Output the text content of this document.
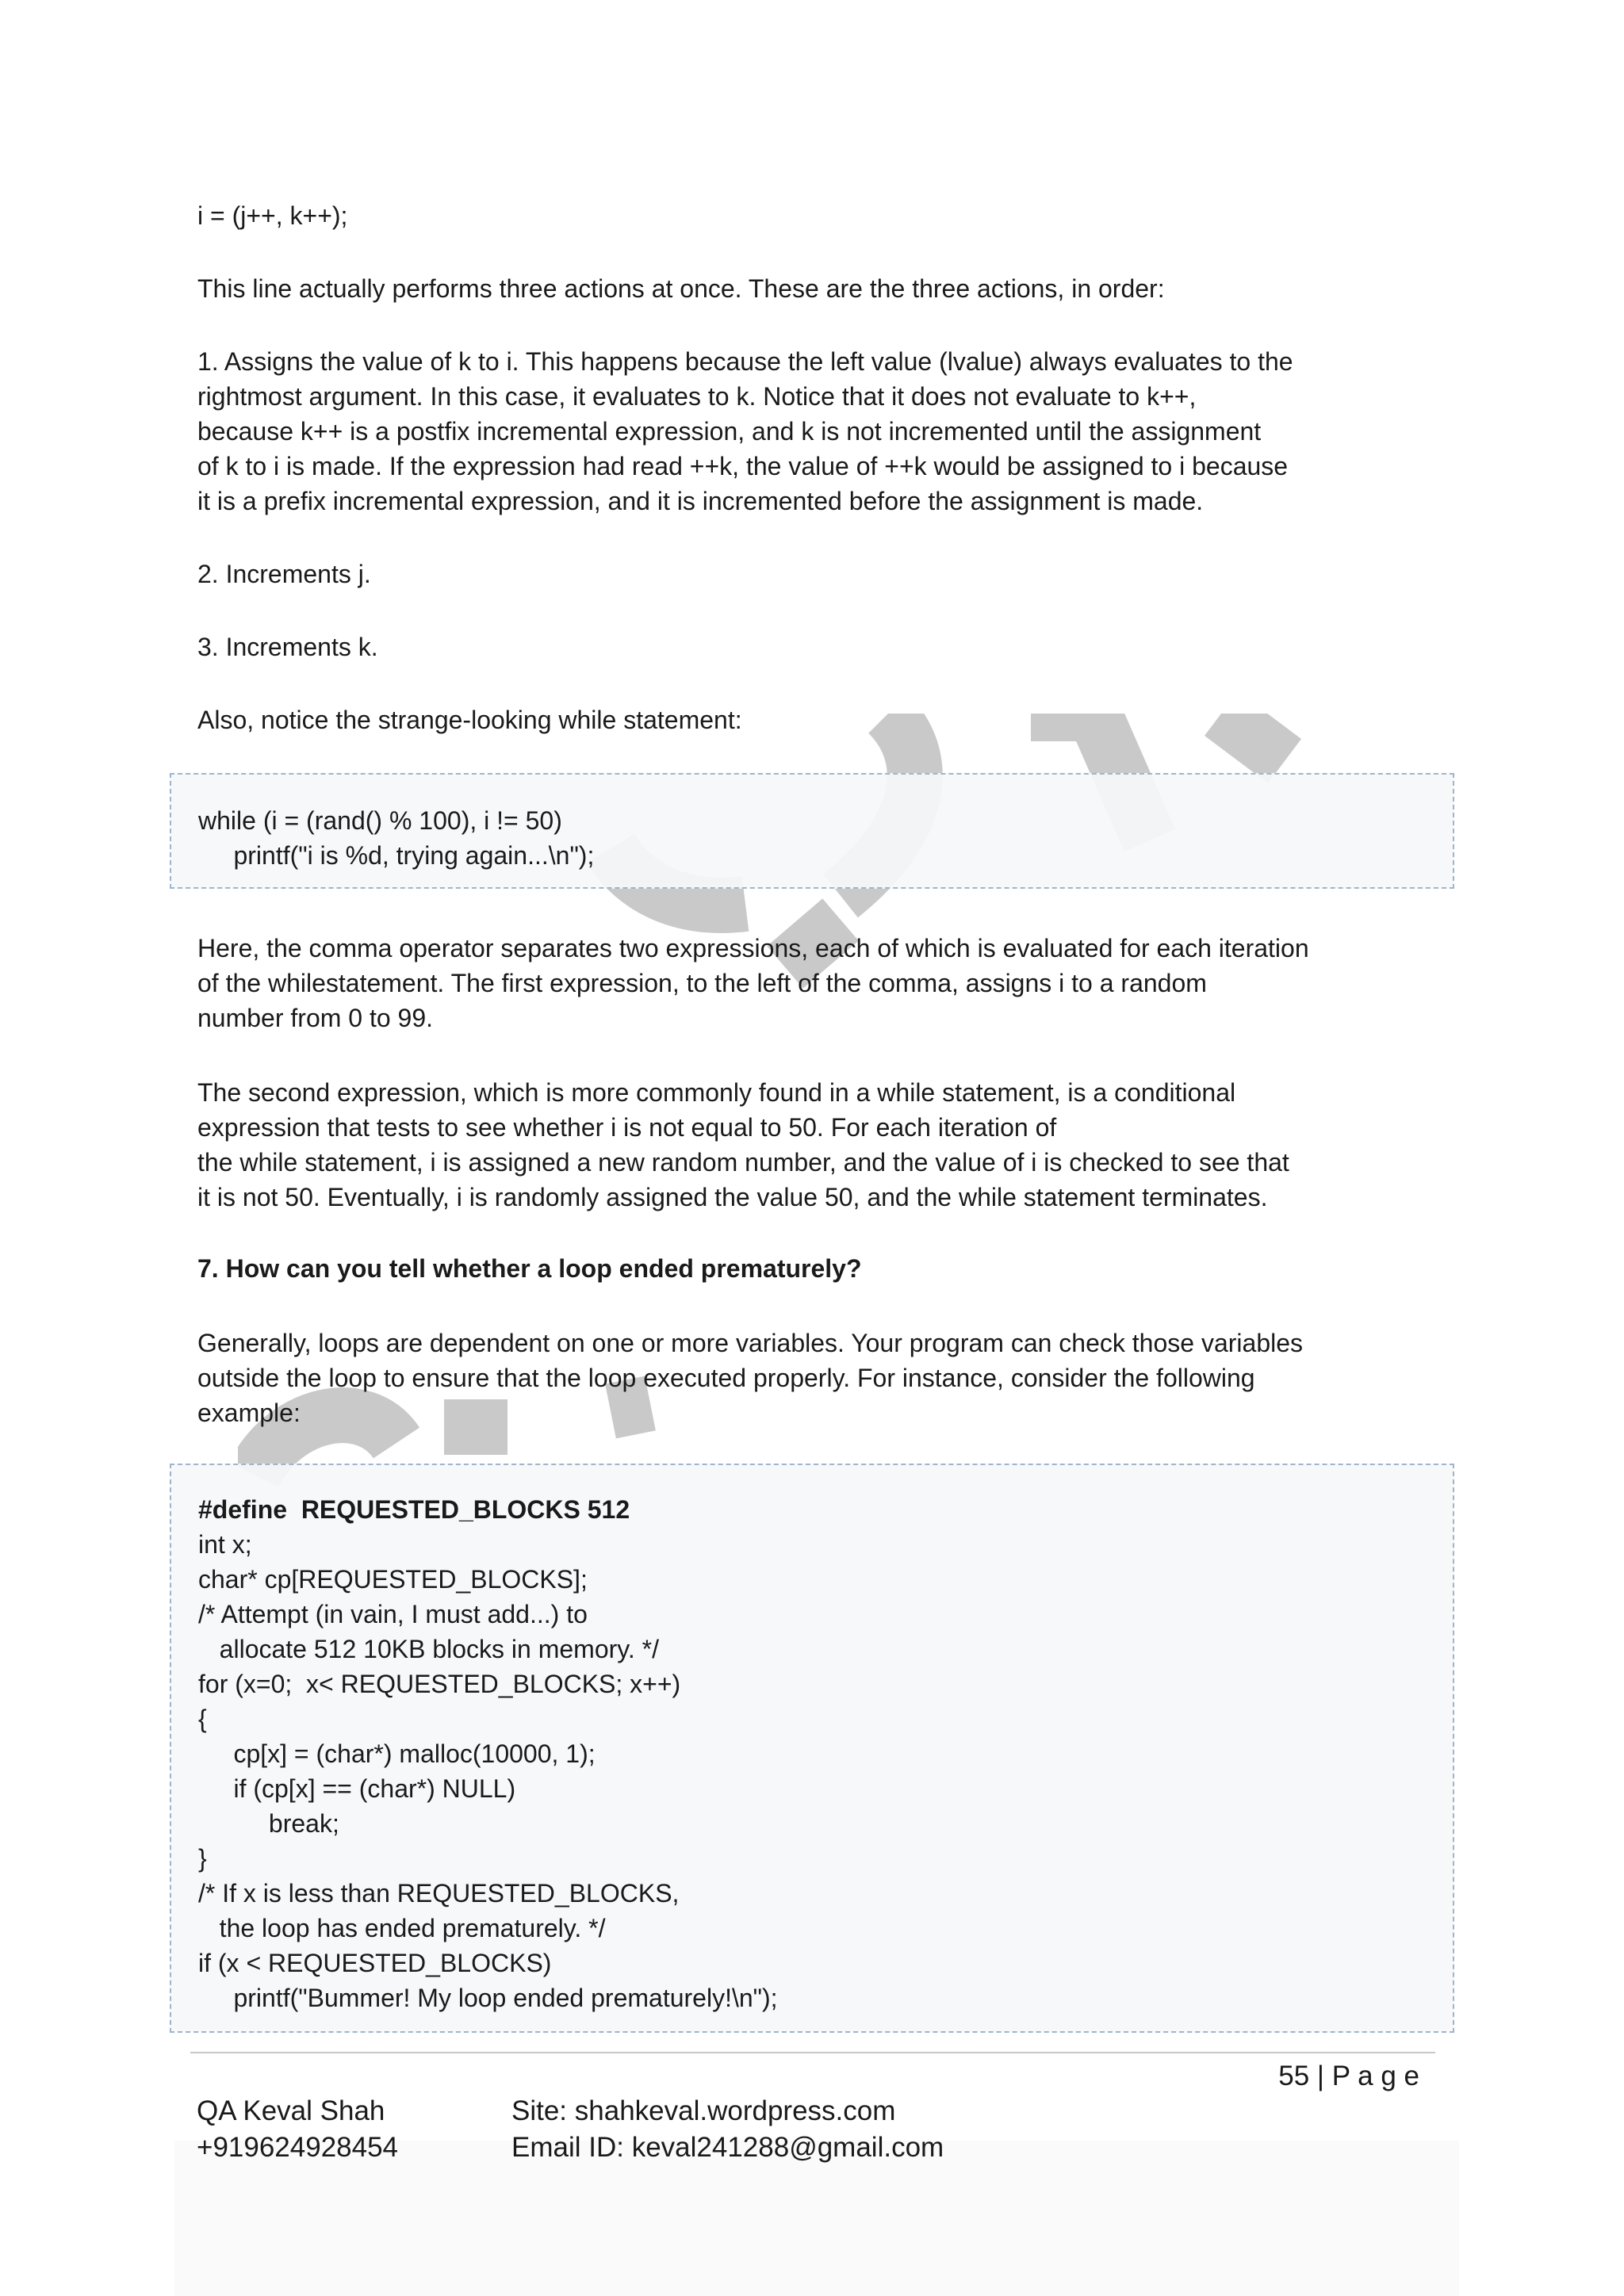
i = (j++, k++);

This line actually performs three actions at once. These are the three actions, in order:

1. Assigns the value of k to i. This happens because the left value (lvalue) always evaluates to the
rightmost argument. In this case, it evaluates to k. Notice that it does not evaluate to k++,
because k++ is a postfix incremental expression, and k is not incremented until the assignment
of k to i is made. If the expression had read ++k, the value of ++k would be assigned to i because
it is a prefix incremental expression, and it is incremented before the assignment is made.

2. Increments j.

3. Increments k.

Also, notice the strange-looking while statement:

while (i = (rand() % 100), i != 50)
printf("i is %d, trying again...\n");

Here, the comma operator separates two expressions, each of which is evaluated for each iteration
of the whilestatement. The first expression, to the left of the comma, assigns i to a random
number from 0 to 99.

The second expression, which is more commonly found in a while statement, is a conditional
expression that tests to see whether i is not equal to 50. For each iteration of
the while statement, i is assigned a new random number, and the value of i is checked to see that
it is not 50. Eventually, i is randomly assigned the value 50, and the while statement terminates.

7. How can you tell whether a loop ended prematurely?

Generally, loops are dependent on one or more variables. Your program can check those variables
outside the loop to ensure that the loop executed properly. For instance, consider the following
example:

#define  REQUESTED_BLOCKS 512
int x;
char* cp[REQUESTED_BLOCKS];
/* Attempt (in vain, I must add...) to
allocate 512 10KB blocks in memory. */
for (x=0;  x< REQUESTED_BLOCKS; x++)
{
cp[x] = (char*) malloc(10000, 1);
if (cp[x] == (char*) NULL)
break;
}
/* If x is less than REQUESTED_BLOCKS,
the loop has ended prematurely. */
if (x < REQUESTED_BLOCKS)
printf("Bummer! My loop ended prematurely!\n");
55 | P a g e
QA Keval Shah
+919624928454
Site: shahkeval.wordpress.com
Email ID: keval241288@gmail.com
